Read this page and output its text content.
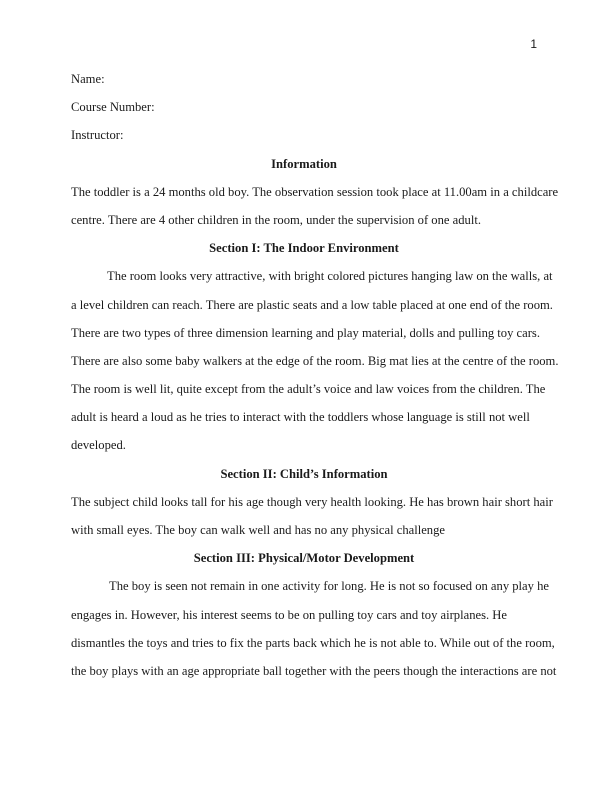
1

Name:

Course Number:

Instructor:

Information

The toddler is a 24 months old boy. The observation session took place at 11.00am in a childcare

centre. There are 4 other children in the room, under the supervision of one adult.

Section I: The Indoor Environment

The room looks very attractive, with bright colored pictures hanging law on the walls, at

a level children can reach. There are plastic seats and a low table placed at one end of the room.

There are two types of three dimension learning and play material, dolls and pulling toy cars.

There are also some baby walkers at the edge of the room. Big mat lies at the centre of the room.

The room is well lit, quite except from the adult’s voice and law voices from the children. The

adult is heard a loud as he tries to interact with the toddlers whose language is still not well

developed.

Section II: Child’s Information

The subject child looks tall for his age though very health looking. He has brown hair short hair

with small eyes. The boy can walk well and has no any physical challenge

Section III: Physical/Motor Development

The boy is seen not remain in one activity for long. He is not so focused on any play he

engages in. However, his interest seems to be on pulling toy cars and toy airplanes. He

dismantles the toys and tries to fix the parts back which he is not able to. While out of the room,

the boy plays with an age appropriate ball together with the peers though the interactions are not
